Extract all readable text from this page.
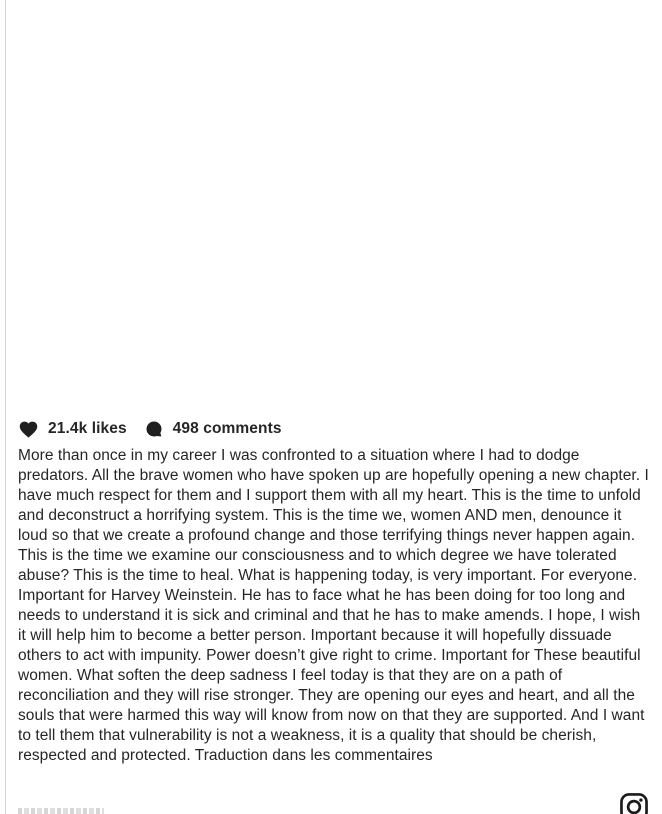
21.4k likes	498 comments

More than once in my career I was confronted to a situation where I had to dodge predators. All the brave women who have spoken up are hopefully opening a new chapter. I have much respect for them and I support them with all my heart. This is the time to unfold and deconstruct a horrifying system. This is the time we, women AND men, denounce it loud so that we create a profound change and those terrifying things never happen again. This is the time we examine our consciousness and to which degree we have tolerated abuse? This is the time to heal. What is happening today, is very important. For everyone. Important for Harvey Weinstein. He has to face what he has been doing for too long and needs to understand it is sick and criminal and that he has to make amends. I hope, I wish it will help him to become a better person. Important because it will hopefully dissuade others to act with impunity. Power doesn’t give right to crime. Important for These beautiful women. What soften the deep sadness I feel today is that they are on a path of reconciliation and they will rise stronger. They are opening our eyes and heart, and all the souls that were harmed this way will know from now on that they are supported. And I want to tell them that vulnerability is not a weakness, it is a quality that should be cherish, respected and protected. Traduction dans les commentaires
